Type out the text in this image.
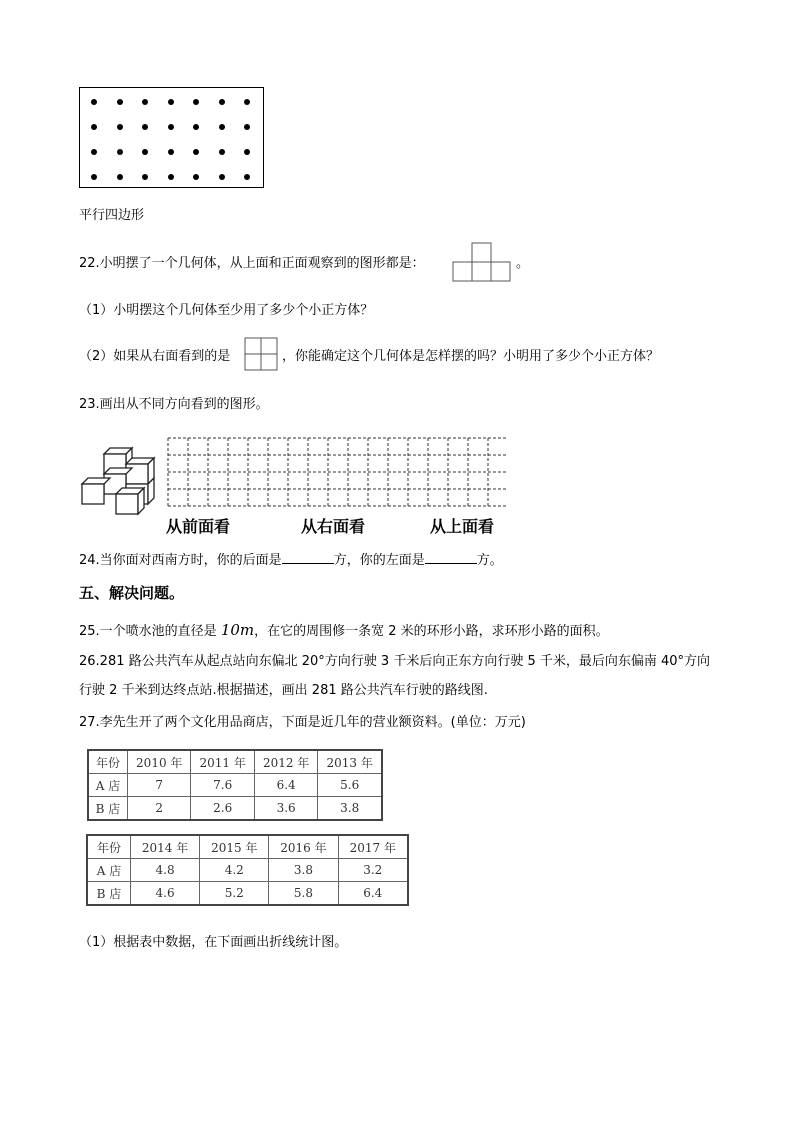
平行四边形
22.小明摆了一个几何体，从上面和正面观察到的图形都是：	。
（1）小明摆这个几何体至少用了多少个小正方体？
（2）如果从右面看到的是	，你能确定这个几何体是怎样摆的吗？小明用了多少个小正方体？
23.画出从不同方向看到的图形。
从前面看	从右面看	从上面看
24.当你面对西南方时，你的后面是	方，你的左面是	方。
五、解决问题。
25.一个喷水池的直径是 10m，在它的周围修一条宽 2 米的环形小路，求环形小路的面积。
26.281 路公共汽车从起点站向东偏北 20°方向行驶 3 千米后向正东方向行驶 5 千米，最后向东偏南 40°方向
行驶 2 千米到达终点站.根据描述，画出 281 路公共汽车行驶的路线图.
27.李先生开了两个文化用品商店，下面是近几年的营业额资料。(单位：万元)
年份	2010 年	2011 年	2012 年	2013 年
A 店	7	7.6	6.4	5.6
B 店	2	2.6	3.6	3.8
年份	2014 年	2015 年	2016 年	2017 年
A 店	4.8	4.2	3.8	3.2
B 店	4.6	5.2	5.8	6.4
（1）根据表中数据，在下面画出折线统计图。
